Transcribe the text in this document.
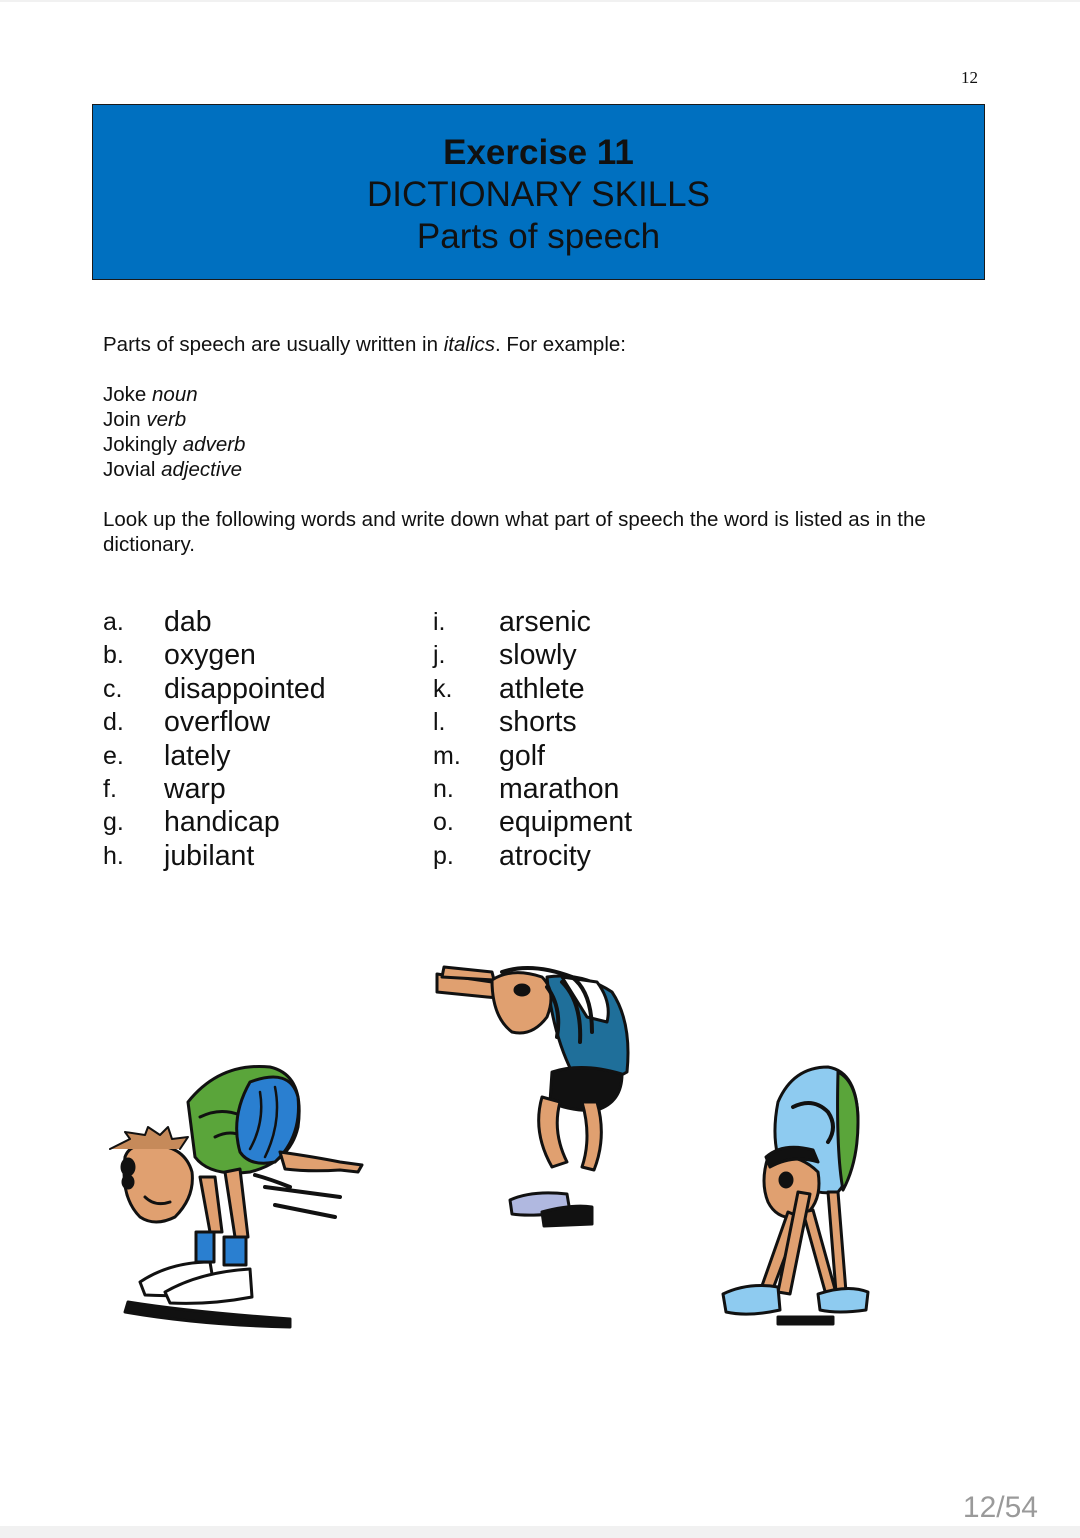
12
Exercise 11
DICTIONARY SKILLS
Parts of speech
Parts of speech are usually written in italics. For example:
Joke noun
Join verb
Jokingly adverb
Jovial adjective
Look up the following words and write down what part of speech the word is listed as in the dictionary.
a. dab
b. oxygen
c. disappointed
d. overflow
e. lately
f. warp
g. handicap
h. jubilant
i. arsenic
j. slowly
k. athlete
l. shorts
m. golf
n. marathon
o. equipment
p. atrocity
12/54
